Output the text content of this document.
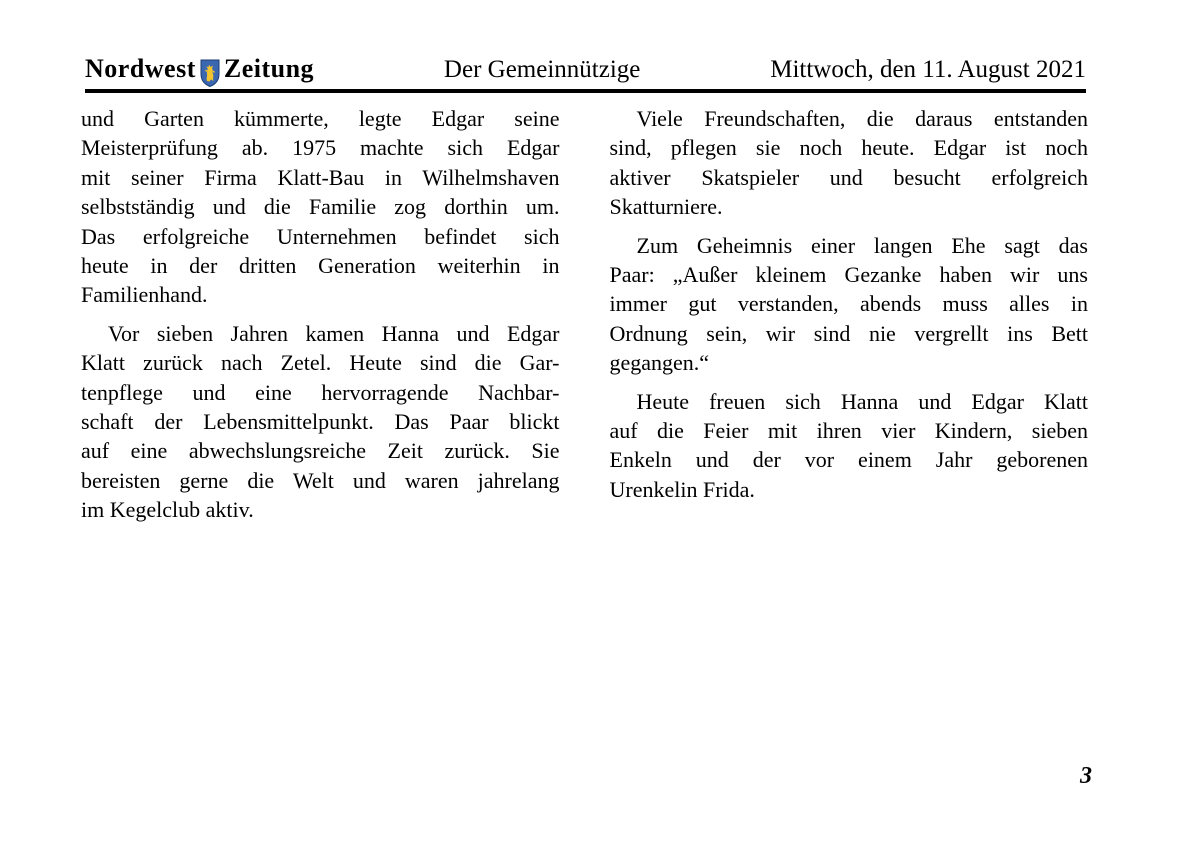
Nordwest Zeitung	Der Gemeinnützige	Mittwoch, den 11. August 2021

und Garten kümmerte, legte Edgar seine
Meisterprüfung ab. 1975 machte sich Edgar
mit seiner Firma Klatt-Bau in Wilhelmshaven
selbstständig und die Familie zog dorthin um.
Das erfolgreiche Unternehmen befindet sich
heute in der dritten Generation weiterhin in
Familienhand.

Vor sieben Jahren kamen Hanna und Edgar
Klatt zurück nach Zetel. Heute sind die Gar-
tenpflege und eine hervorragende Nachbar-
schaft der Lebensmittelpunkt. Das Paar blickt
auf eine abwechslungsreiche Zeit zurück. Sie
bereisten gerne die Welt und waren jahrelang
im Kegelclub aktiv.

Viele Freundschaften, die daraus entstanden
sind, pflegen sie noch heute. Edgar ist noch
aktiver Skatspieler und besucht erfolgreich
Skatturniere.

Zum Geheimnis einer langen Ehe sagt das
Paar: „Außer kleinem Gezanke haben wir uns
immer gut verstanden, abends muss alles in
Ordnung sein, wir sind nie vergrellt ins Bett
gegangen.“

Heute freuen sich Hanna und Edgar Klatt
auf die Feier mit ihren vier Kindern, sieben
Enkeln und der vor einem Jahr geborenen
Urenkelin Frida.

3
